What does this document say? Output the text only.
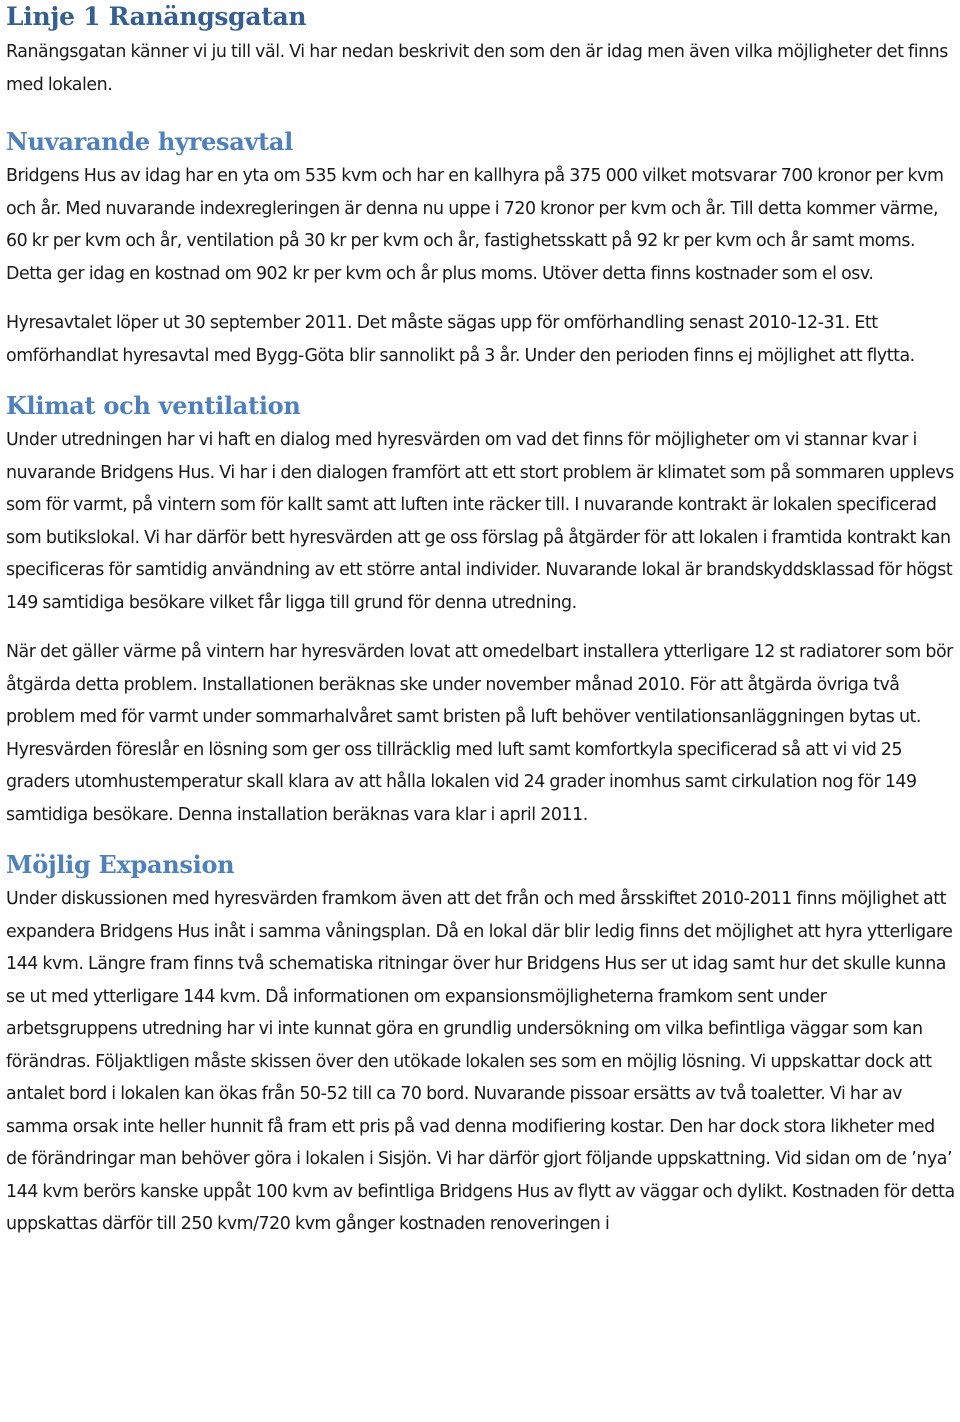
Linje 1 Ranängsgatan

Ranängsgatan känner vi ju till väl. Vi har nedan beskrivit den som den är idag men även vilka möjligheter det finns med lokalen.

Nuvarande hyresavtal

Bridgens Hus av idag har en yta om 535 kvm och har en kallhyra på 375 000 vilket motsvarar 700 kronor per kvm och år. Med nuvarande indexregleringen är denna nu uppe i 720 kronor per kvm och år. Till detta kommer värme, 60 kr per kvm och år, ventilation på 30 kr per kvm och år, fastighetsskatt på 92 kr per kvm och år samt moms. Detta ger idag en kostnad om 902 kr per kvm och år plus moms. Utöver detta finns kostnader som el osv.

Hyresavtalet löper ut 30 september 2011. Det måste sägas upp för omförhandling senast 2010-12-31. Ett omförhandlat hyresavtal med Bygg-Göta blir sannolikt på 3 år. Under den perioden finns ej möjlighet att flytta.

Klimat och ventilation

Under utredningen har vi haft en dialog med hyresvärden om vad det finns för möjligheter om vi stannar kvar i nuvarande Bridgens Hus. Vi har i den dialogen framfört att ett stort problem är klimatet som på sommaren upplevs som för varmt, på vintern som för kallt samt att luften inte räcker till. I nuvarande kontrakt är lokalen specificerad som butikslokal. Vi har därför bett hyresvärden att ge oss förslag på åtgärder för att lokalen i framtida kontrakt kan specificeras för samtidig användning av ett större antal individer. Nuvarande lokal är brandskyddsklassad för högst 149 samtidiga besökare vilket får ligga till grund för denna utredning.

När det gäller värme på vintern har hyresvärden lovat att omedelbart installera ytterligare 12 st radiatorer som bör åtgärda detta problem. Installationen beräknas ske under november månad 2010. För att åtgärda övriga två problem med för varmt under sommarhalvåret samt bristen på luft behöver ventilationsanläggningen bytas ut. Hyresvärden föreslår en lösning som ger oss tillräcklig med luft samt komfortkyla specificerad så att vi vid 25 graders utomhustemperatur skall klara av att hålla lokalen vid 24 grader inomhus samt cirkulation nog för 149 samtidiga besökare. Denna installation beräknas vara klar i april 2011.

Möjlig Expansion

Under diskussionen med hyresvärden framkom även att det från och med årsskiftet 2010-2011 finns möjlighet att expandera Bridgens Hus inåt i samma våningsplan. Då en lokal där blir ledig finns det möjlighet att hyra ytterligare 144 kvm. Längre fram finns två schematiska ritningar över hur Bridgens Hus ser ut idag samt hur det skulle kunna se ut med ytterligare 144 kvm. Då informationen om expansionsmöjligheterna framkom sent under arbetsgruppens utredning har vi inte kunnat göra en grundlig undersökning om vilka befintliga väggar som kan förändras. Följaktligen måste skissen över den utökade lokalen ses som en möjlig lösning. Vi uppskattar dock att antalet bord i lokalen kan ökas från 50-52 till ca 70 bord. Nuvarande pissoar ersätts av två toaletter. Vi har av samma orsak inte heller hunnit få fram ett pris på vad denna modifiering kostar. Den har dock stora likheter med de förändringar man behöver göra i lokalen i Sisjön. Vi har därför gjort följande uppskattning. Vid sidan om de ’nya’ 144 kvm berörs kanske uppåt 100 kvm av befintliga Bridgens Hus av flytt av väggar och dylikt. Kostnaden för detta uppskattas därför till 250 kvm/720 kvm gånger kostnaden renoveringen i
